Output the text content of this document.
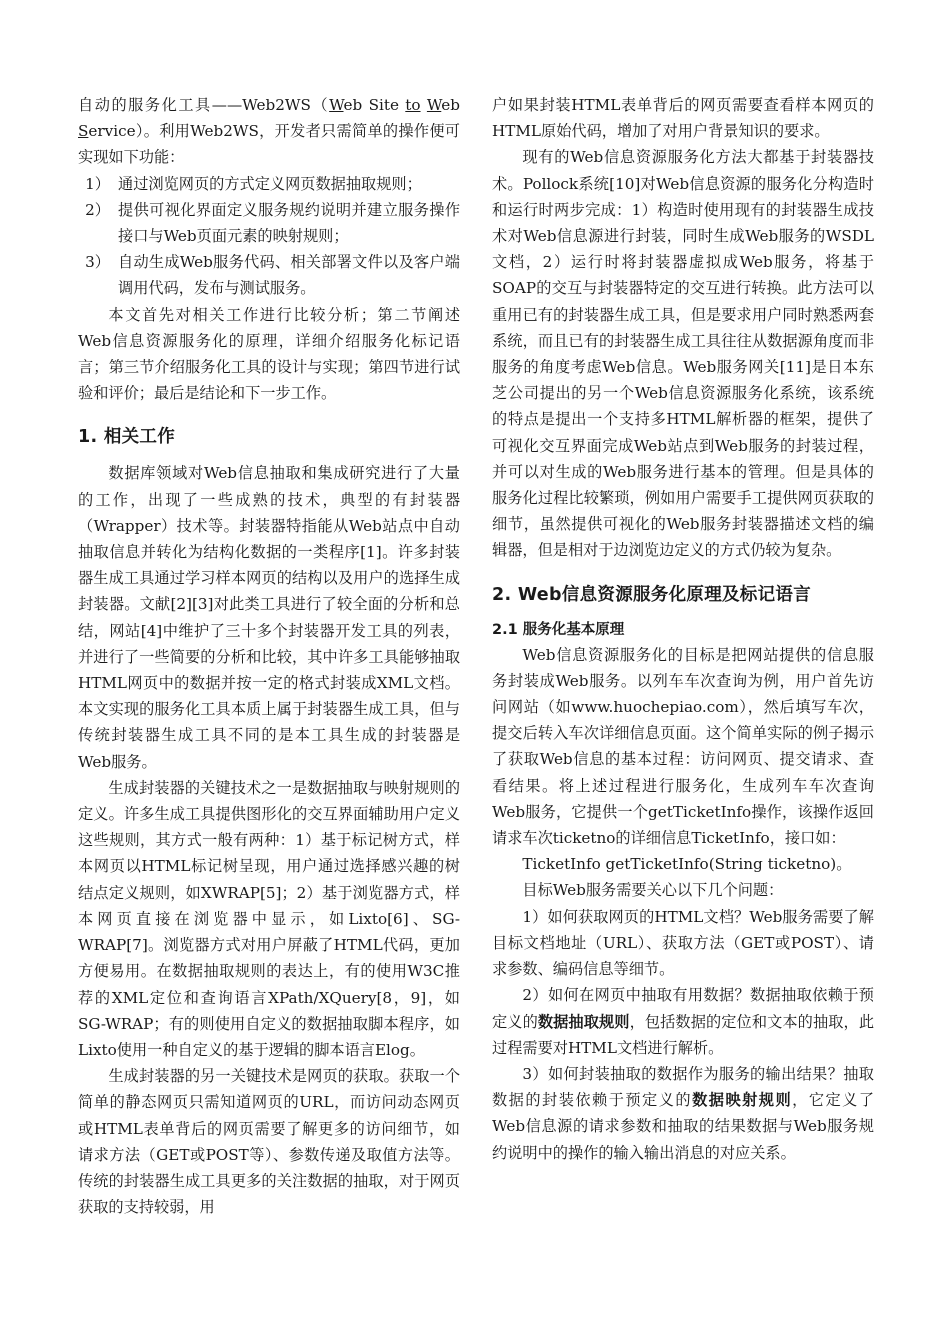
自动的服务化工具——Web2WS（Web Site to Web Service）。利用Web2WS，开发者只需简单的操作便可实现如下功能：

1） 通过浏览网页的方式定义网页数据抽取规则；
2） 提供可视化界面定义服务规约说明并建立服务操作接口与Web页面元素的映射规则；
3） 自动生成Web服务代码、相关部署文件以及客户端调用代码，发布与测试服务。

本文首先对相关工作进行比较分析；第二节阐述Web信息资源服务化的原理，详细介绍服务化标记语言；第三节介绍服务化工具的设计与实现；第四节进行试验和评价；最后是结论和下一步工作。

1. 相关工作

数据库领域对Web信息抽取和集成研究进行了大量的工作，出现了一些成熟的技术，典型的有封装器（Wrapper）技术等。封装器特指能从Web站点中自动抽取信息并转化为结构化数据的一类程序[1]。许多封装器生成工具通过学习样本网页的结构以及用户的选择生成封装器。文献[2][3]对此类工具进行了较全面的分析和总结，网站[4]中维护了三十多个封装器开发工具的列表，并进行了一些简要的分析和比较，其中许多工具能够抽取HTML网页中的数据并按一定的格式封装成XML文档。本文实现的服务化工具本质上属于封装器生成工具，但与传统封装器生成工具不同的是本工具生成的封装器是Web服务。

生成封装器的关键技术之一是数据抽取与映射规则的定义。许多生成工具提供图形化的交互界面辅助用户定义这些规则，其方式一般有两种：1）基于标记树方式，样本网页以HTML标记树呈现，用户通过选择感兴趣的树结点定义规则，如XWRAP[5]；2）基于浏览器方式，样本网页直接在浏览器中显示，如Lixto[6]、SG-WRAP[7]。浏览器方式对用户屏蔽了HTML代码，更加方便易用。在数据抽取规则的表达上，有的使用W3C推荐的XML定位和查询语言XPath/XQuery[8，9]，如SG-WRAP；有的则使用自定义的数据抽取脚本程序，如Lixto使用一种自定义的基于逻辑的脚本语言Elog。

生成封装器的另一关键技术是网页的获取。获取一个简单的静态网页只需知道网页的URL，而访问动态网页或HTML表单背后的网页需要了解更多的访问细节，如请求方法（GET或POST等）、参数传递及取值方法等。传统的封装器生成工具更多的关注数据的抽取，对于网页获取的支持较弱，用

户如果封装HTML表单背后的网页需要查看样本网页的HTML原始代码，增加了对用户背景知识的要求。

现有的Web信息资源服务化方法大都基于封装器技术。Pollock系统[10]对Web信息资源的服务化分构造时和运行时两步完成：1）构造时使用现有的封装器生成技术对Web信息源进行封装，同时生成Web服务的WSDL文档，2）运行时将封装器虚拟成Web服务，将基于SOAP的交互与封装器特定的交互进行转换。此方法可以重用已有的封装器生成工具，但是要求用户同时熟悉两套系统，而且已有的封装器生成工具往往从数据源角度而非服务的角度考虑Web信息。Web服务网关[11]是日本东芝公司提出的另一个Web信息资源服务化系统，该系统的特点是提出一个支持多HTML解析器的框架，提供了可视化交互界面完成Web站点到Web服务的封装过程，并可以对生成的Web服务进行基本的管理。但是具体的服务化过程比较繁琐，例如用户需要手工提供网页获取的细节，虽然提供可视化的Web服务封装器描述文档的编辑器，但是相对于边浏览边定义的方式仍较为复杂。

2. Web信息资源服务化原理及标记语言
2.1 服务化基本原理

Web信息资源服务化的目标是把网站提供的信息服务封装成Web服务。以列车车次查询为例，用户首先访问网站（如www.huochepiao.com），然后填写车次，提交后转入车次详细信息页面。这个简单实际的例子揭示了获取Web信息的基本过程：访问网页、提交请求、查看结果。将上述过程进行服务化，生成列车车次查询Web服务，它提供一个getTicketInfo操作，该操作返回请求车次ticketno的详细信息TicketInfo，接口如：

TicketInfo getTicketInfo(String ticketno)。

目标Web服务需要关心以下几个问题：

1）如何获取网页的HTML文档？Web服务需要了解目标文档地址（URL）、获取方法（GET或POST）、请求参数、编码信息等细节。

2）如何在网页中抽取有用数据？数据抽取依赖于预定义的数据抽取规则，包括数据的定位和文本的抽取，此过程需要对HTML文档进行解析。

3）如何封装抽取的数据作为服务的输出结果？抽取数据的封装依赖于预定义的数据映射规则，它定义了Web信息源的请求参数和抽取的结果数据与Web服务规约说明中的操作的输入输出消息的对应关系。
